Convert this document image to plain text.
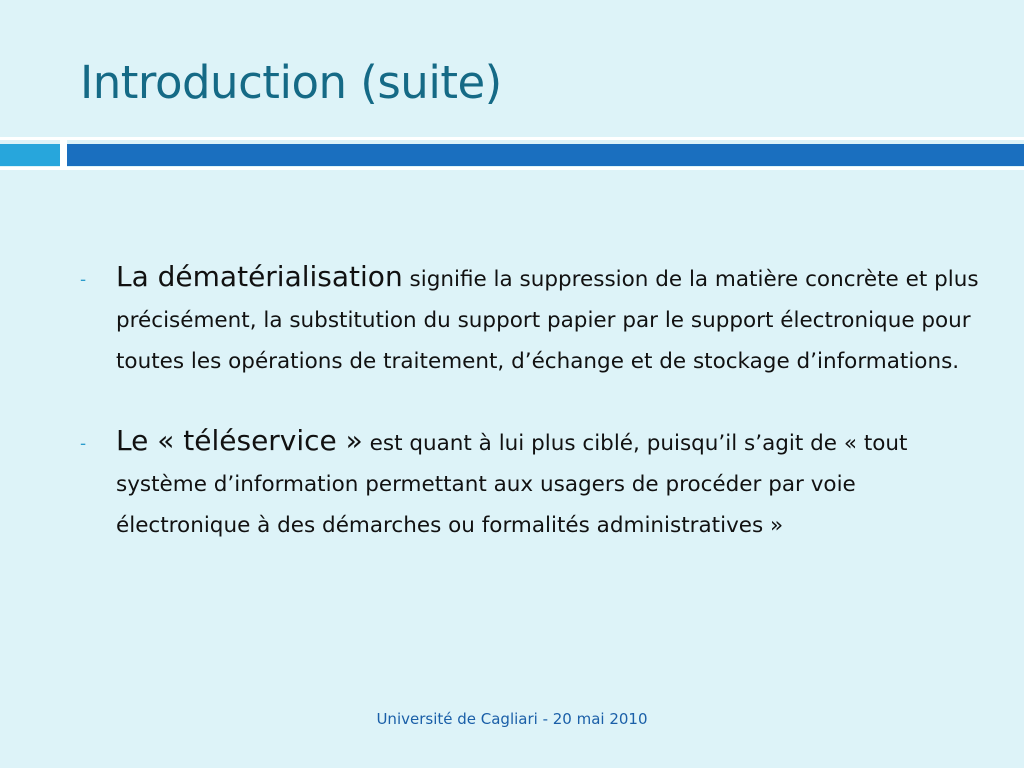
Introduction (suite)
- La dématérialisation signifie la suppression de la matière concrète et plus précisément, la substitution du support papier par le support électronique pour toutes les opérations de traitement, d’échange et de stockage d’informations.
- Le « téléservice » est quant à lui plus ciblé, puisqu’il s’agit de « tout système d’information permettant aux usagers de procéder par voie électronique à des démarches ou formalités administratives »
Université de Cagliari - 20 mai 2010
